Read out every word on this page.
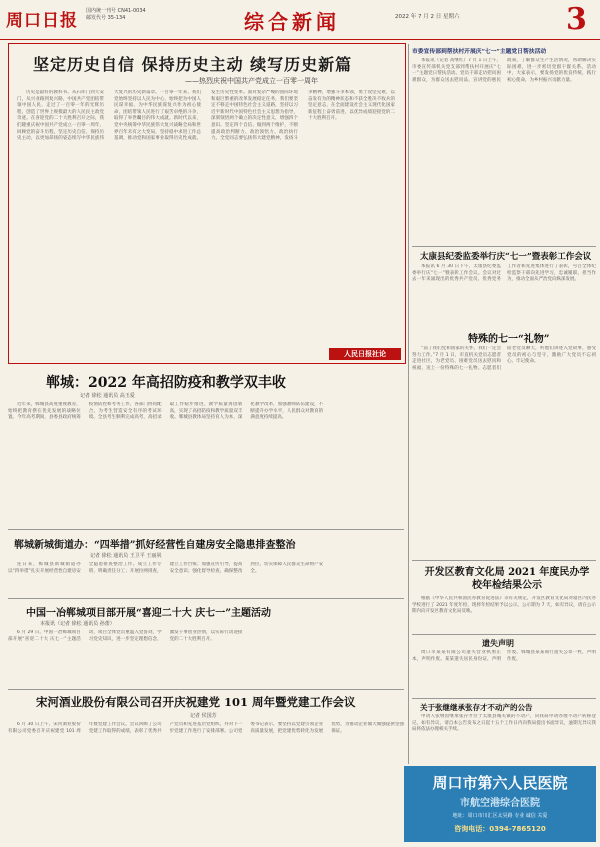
周口日报 国内统一刊号 CN41-0034
邮发代号 35-134	综合新闻	2022 年 7 月 2 日 星期六	3
坚定历史自信 保持历史主动 续写历史新篇
——热烈庆祝中国共产党成立一百零一周年

历史是最好的教科书。从石库门到天安门，从兴业路到复兴路，中国共产党团结带领中国人民，走过了一百零一年的光辉历程，创造了世界上规模最大的人民民主政党奇迹。在喜迎党的二十大胜利召开之际，我们隆重庆祝中国共产党成立一百零一周年，回顾党的奋斗历程，坚定历史自信，保持历史主动，以更加昂扬的姿态续写中华民族伟大复兴的历史新篇章。一百零一年来，我们党始终坚持以人民为中心，始终把为中国人民谋幸福、为中华民族谋复兴作为初心使命，团结带领人民进行了艰苦卓绝的斗争，取得了举世瞩目的伟大成就。新时代以来，党中央统筹中华民族伟大复兴战略全局和世界百年未有之大变局，坚持稳中求进工作总基调，推动党和国家事业取得历史性成就、发生历史性变革。面对复杂严峻的国际环境和艰巨繁重的改革发展稳定任务，我们要坚定不移走中国特色社会主义道路，坚持以习近平新时代中国特色社会主义思想为指导，深刻领悟两个确立的决定性意义，增强四个意识、坚定四个自信、做到两个维护，不断提高政治判断力、政治领悟力、政治执行力。全党同志要弘扬伟大建党精神，发扬斗争精神，增强斗争本领，勇于攻坚克难，以奋发有为的精神状态和不获全胜决不收兵的坚定意志，在全面建设社会主义现代化国家新征程上奋勇前进，以优异成绩迎接党的二十大胜利召开。

人民日报社论
郸城：2022 年高招防疫和教学双丰收
记者 徐松 通讯员 高玉爱

近年来，郸城县高度重视教育，始终把教育摆在优先发展的战略位置。今年高考期间，县委县政府统筹疫情防控和考务工作，各部门协同配合，为考生营造安全有序的考试环境。全县考生顺利完成高考，高招录取工作稳步推进，教学质量再创新高，实现了高招防疫和教学质量双丰收。郸城县教体局坚持育人为本，深化教学改革，加强教师队伍建设，不断提升办学水平，人民群众对教育的满意度持续提高。

郸城新城街道办：“四举措”抓好经营性自建房安全隐患排查整治
记者 徐松 通讯员 王卫平 王丽夙

连日来，郸城县新城街道办以“四举措”扎实开展经营性自建房安全隐患排查整治工作。成立工作专班，明确责任分工；开展拉网排查，建立工作台账；加强宣传引导，提高安全意识；强化督导检查，确保整改到位，切实保障人民群众生命财产安全。

中国一冶郸城项目部开展“喜迎二十大 庆七一”主题活动
本报讯（记者 徐松 通讯员 孙蕾）

6 月 29 日，中国一冶郸城项目部开展“喜迎二十大 庆七一”主题活动，项目全体党员重温入党誓词，学习党史知识，进一步坚定理想信念，激发干事创业热情，以实际行动迎接党的二十大胜利召开。

宋河酒业股份有限公司召开庆祝建党 101 周年暨党建工作会议
记者 侯国芳

6 月 30 日上午，宋河酒业股份有限公司党委召开庆祝建党 101 周年暨党建工作会议。会议回顾了公司党建工作取得的成绩，表彰了优秀共产党员和先进基层党组织，并对下一步党建工作进行了安排部署。公司党委书记表示，要坚持以党建引领企业高质量发展，把党建优势转化为发展优势，为推动企业做大做强提供坚强保证。

市委宣传部到帮扶村开展庆“七一”主题党日帮扶活动

本报讯（记者 高继红）7 月 1 日上午，市委宣传部机关党支部到帮扶村开展庆“七一”主题党日帮扶活动。党员干部走访慰问困难群众，为群众送去慰问品，宣讲党的惠民政策，了解群众生产生活情况，帮助解决实际困难，进一步密切党群干群关系。活动中，大家表示，要发扬党的优良传统，践行初心使命，为乡村振兴贡献力量。

太康县纪委监委举行庆“七一”暨表彰工作会议

本报讯 6 月 30 日下午，太康县纪委监委举行庆“七一”暨表彰工作会议。会议对过去一年来涌现出的优秀共产党员、优秀党务工作者和先进集体进行了表彰，号召全体纪检监察干部向先进学习，忠诚履职、担当作为，推动全面从严治党向纵深发展。

特殊的七一“礼物”

“前了我们党和国家的关怀，我们一定会努力工作。”7 月 1 日，市直机关党员志愿者走进社区，为老党员、困难党员送去慰问和祝福，送上一份特殊的七一礼物。志愿者们陪老党员聊天，听他们讲述入党故事，感受党员的初心与坚守，激励广大党员不忘初心、牢记使命。

开发区教育文化局 2021 年度民办学校年检结果公示

根据《中华人民共和国民办教育促进法》等有关规定，开发区教育文化局对辖区内民办学校进行了 2021 年度年检，现将年检结果予以公示。公示期为 7 天，如有异议，请在公示期内向开发区教育文化局反映。

遗失声明

周口市某某有限公司遗失营业执照正本，声明作废。某某遗失居民身份证，声明作废。郸城县某某商行遗失公章一枚，声明作废。

关于张继继承张存才不动产的公告

申请人张继因继承张存才位于太康县城关镇的不动产，向我局申请办理不动产转移登记，如有异议，请自本公告发布之日起十五个工作日内向我局提出书面异议，逾期无异议我局将依法办理相关手续。

周口市第六人民医院
市航空港综合医院
地址：周口市川汇区太昊路 专业 诚信 关爱
咨询电话：0394-7865120
